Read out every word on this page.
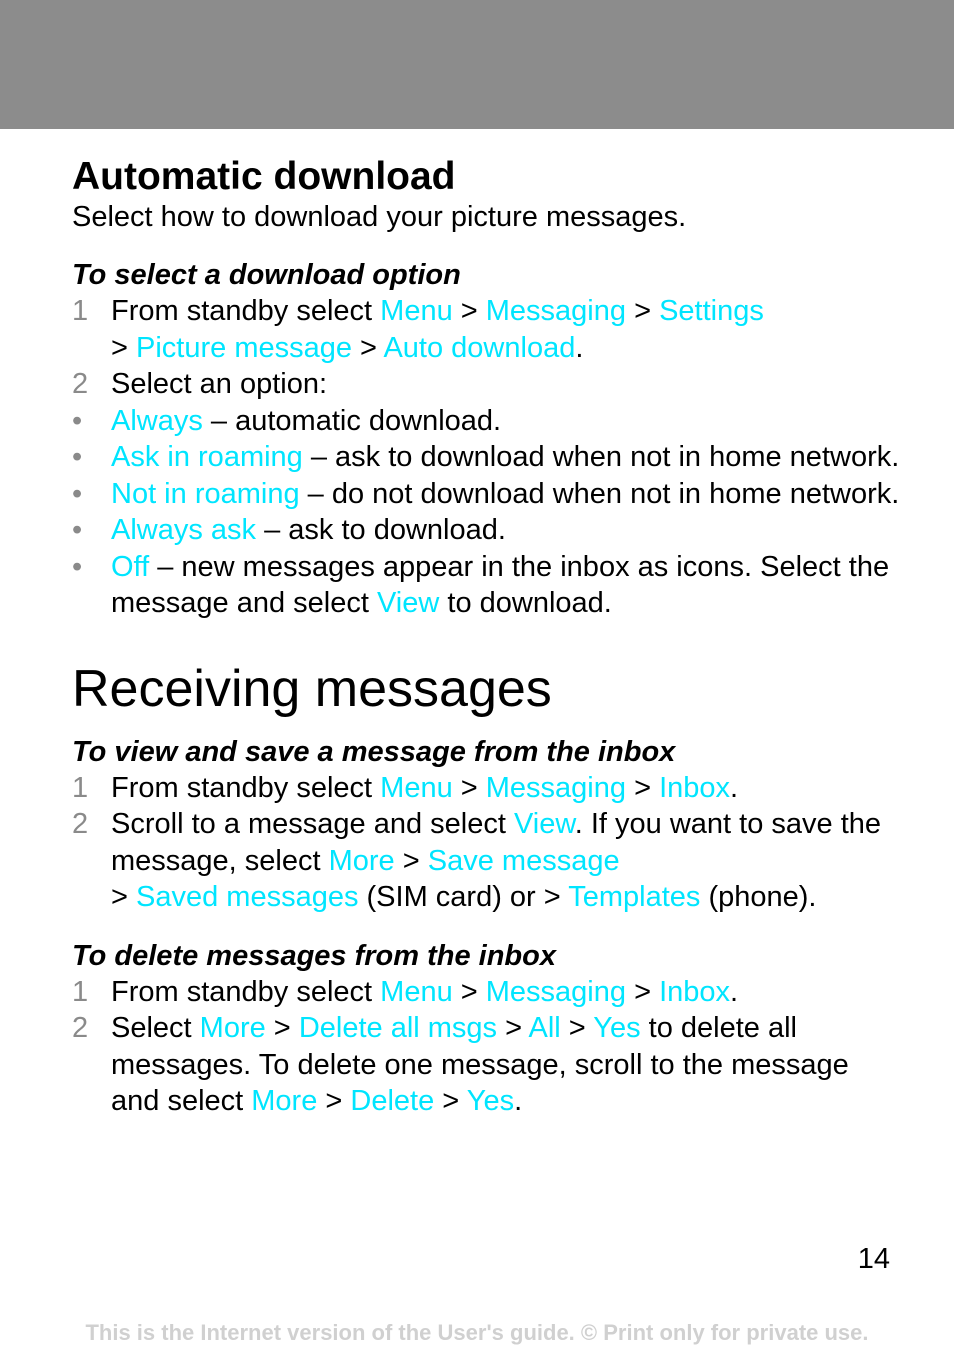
Automatic download

Select how to download your picture messages.

To select a download option

1 From standby select Menu > Messaging > Settings
> Picture message > Auto download.
2 Select an option:
• Always – automatic download.
• Ask in roaming – ask to download when not in home network.
• Not in roaming – do not download when not in home network.
• Always ask – ask to download.
• Off – new messages appear in the inbox as icons. Select the message and select View to download.
Receiving messages

To view and save a message from the inbox

1 From standby select Menu > Messaging > Inbox.
2 Scroll to a message and select View. If you want to save the message, select More > Save message
> Saved messages (SIM card) or > Templates (phone).

To delete messages from the inbox

1 From standby select Menu > Messaging > Inbox.
2 Select More > Delete all msgs > All > Yes to delete all messages. To delete one message, scroll to the message and select More > Delete > Yes.
14
This is the Internet version of the User's guide. © Print only for private use.
